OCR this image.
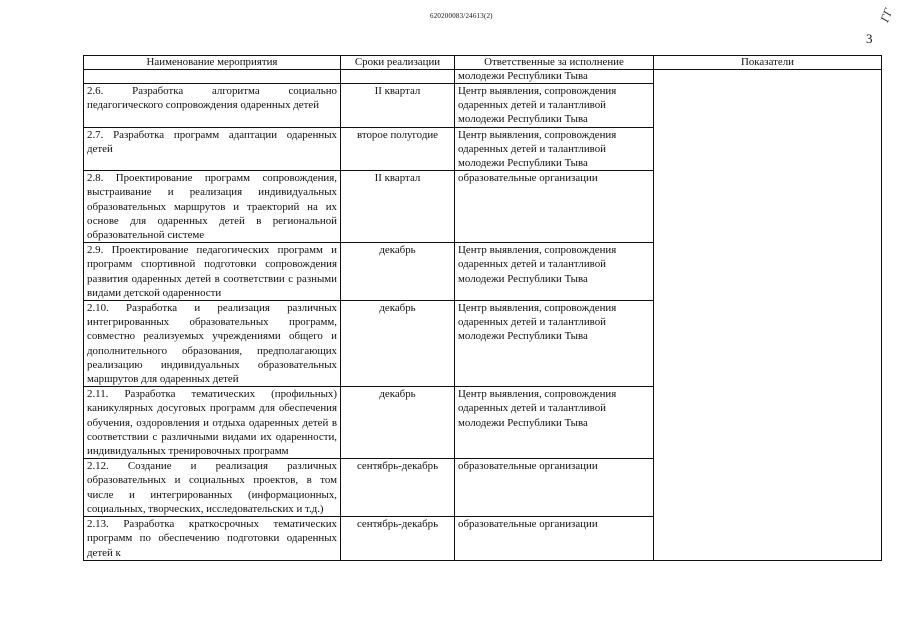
620200083/24613(2)	ГГ
3
Наименование мероприятия	Сроки реализации	Ответственные за исполнение	Показатели
		молодежи Республики Тыва	
2.6. Разработка алгоритма социально педагогического сопровождения одаренных детей	II квартал	Центр выявления, сопровождения одаренных детей и талантливой молодежи Республики Тыва	
2.7. Разработка программ адаптации одаренных детей	второе полугодие	Центр выявления, сопровождения одаренных детей и талантливой молодежи Республики Тыва	
2.8. Проектирование программ сопровождения, выстраивание и реализация индивидуальных образовательных маршрутов и траекторий на их основе для одаренных детей в региональной образовательной системе	II квартал	образовательные организации	
2.9. Проектирование педагогических программ и программ спортивной подготовки сопровождения развития одаренных детей в соответствии с разными видами детской одаренности	декабрь	Центр выявления, сопровождения одаренных детей и талантливой молодежи Республики Тыва	
2.10. Разработка и реализация различных интегрированных образовательных программ, совместно реализуемых учреждениями общего и дополнительного образования, предполагающих реализацию индивидуальных образовательных маршрутов для одаренных детей	декабрь	Центр выявления, сопровождения одаренных детей и талантливой молодежи Республики Тыва	
2.11. Разработка тематических (профильных) каникулярных досуговых программ для обеспечения обучения, оздоровления и отдыха одаренных детей в соответствии с различными видами их одаренности, индивидуальных тренировочных программ	декабрь	Центр выявления, сопровождения одаренных детей и талантливой молодежи Республики Тыва	
2.12. Создание и реализация различных образовательных и социальных проектов, в том числе и интегрированных (информационных, социальных, творческих, исследовательских и т.д.)	сентябрь-декабрь	образовательные организации	
2.13. Разработка краткосрочных тематических программ по обеспечению подготовки одаренных детей к	сентябрь-декабрь	образовательные организации	
